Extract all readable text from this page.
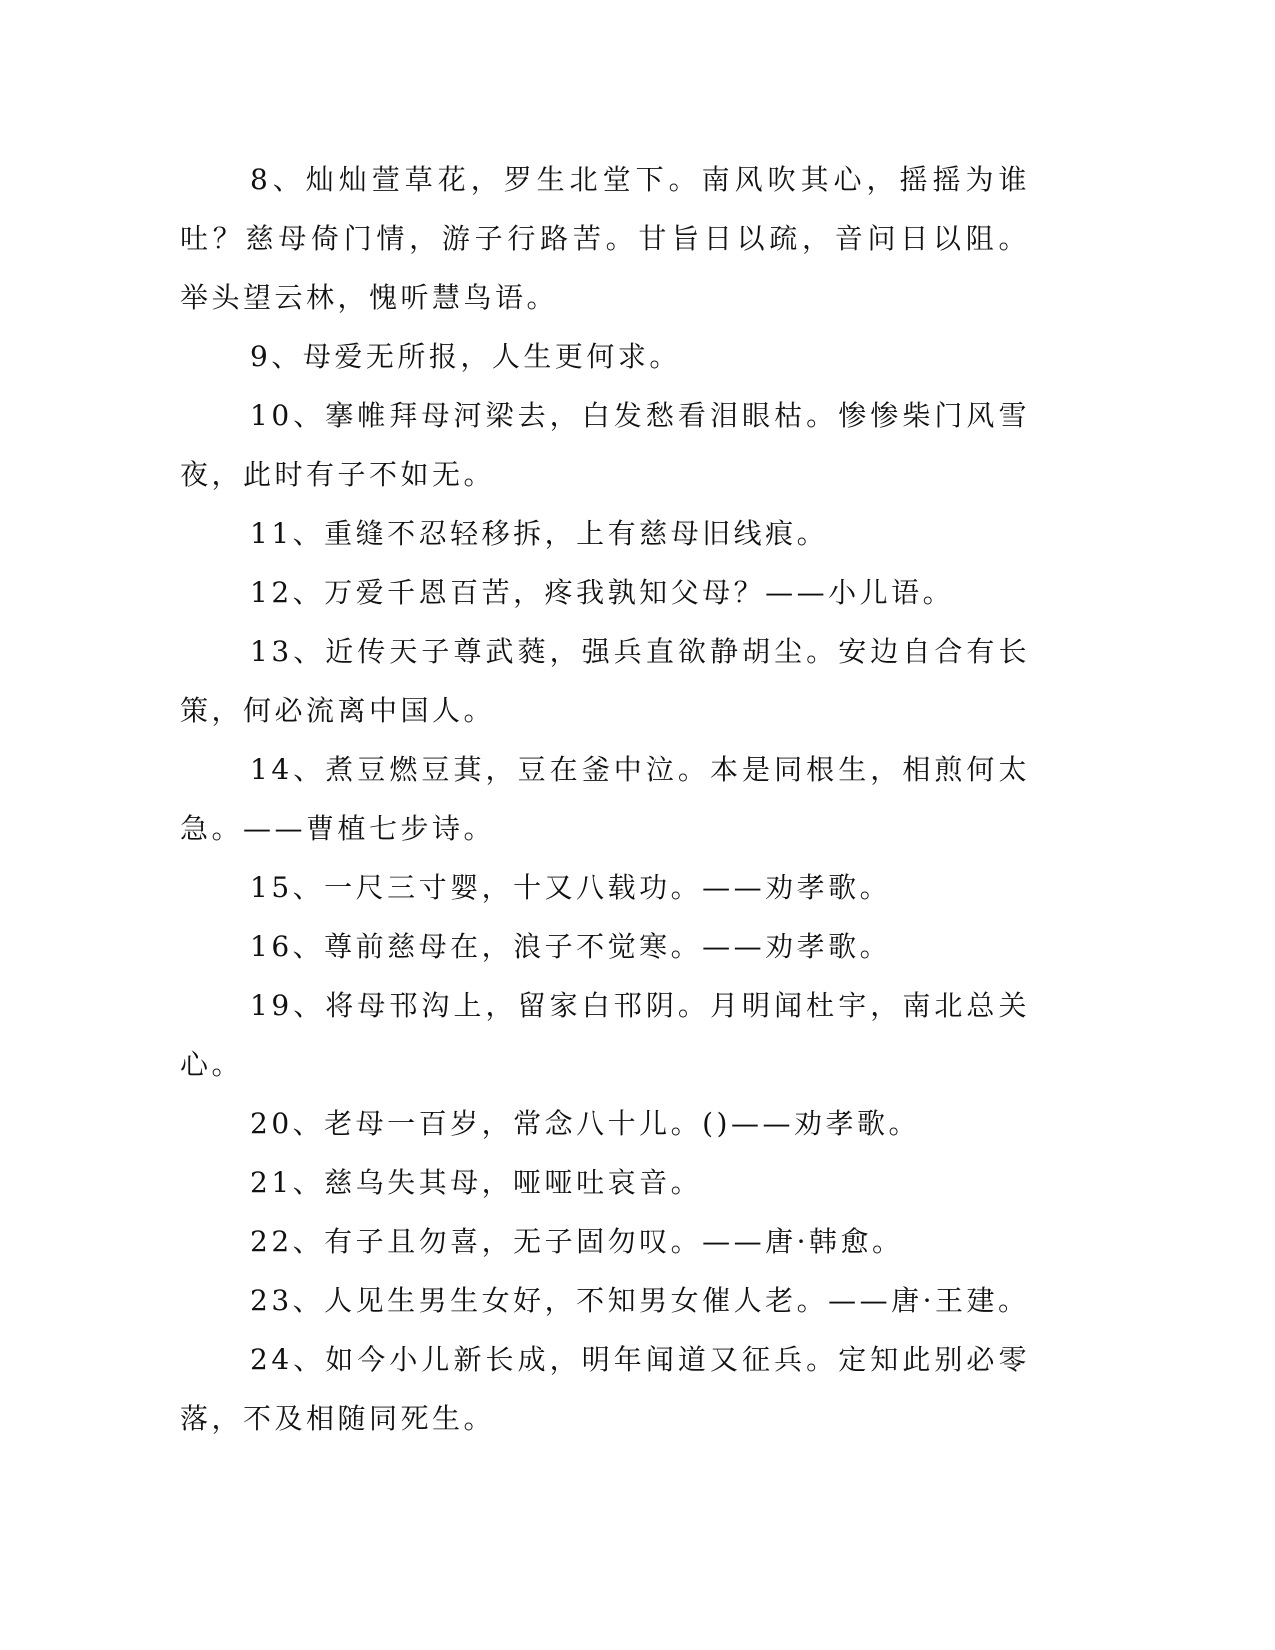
8、灿灿萱草花，罗生北堂下。南风吹其心，摇摇为谁吐？慈母倚门情，游子行路苦。甘旨日以疏，音问日以阻。举头望云林，愧听慧鸟语。

9、母爱无所报，人生更何求。

10、搴帷拜母河梁去，白发愁看泪眼枯。惨惨柴门风雪夜，此时有子不如无。

11、重缝不忍轻移拆，上有慈母旧线痕。

12、万爱千恩百苦，疼我孰知父母？——小儿语。

13、近传天子尊武蕤，强兵直欲静胡尘。安边自合有长策，何必流离中国人。

14、煮豆燃豆萁，豆在釜中泣。本是同根生，相煎何太急。——曹植七步诗。

15、一尺三寸婴，十又八载功。——劝孝歌。

16、尊前慈母在，浪子不觉寒。——劝孝歌。

19、将母邗沟上，留家白邗阴。月明闻杜宇，南北总关心。

20、老母一百岁，常念八十儿。()——劝孝歌。

21、慈乌失其母，哑哑吐哀音。

22、有子且勿喜，无子固勿叹。——唐·韩愈。

23、人见生男生女好，不知男女催人老。——唐·王建。

24、如今小儿新长成，明年闻道又征兵。定知此别必零落，不及相随同死生。
